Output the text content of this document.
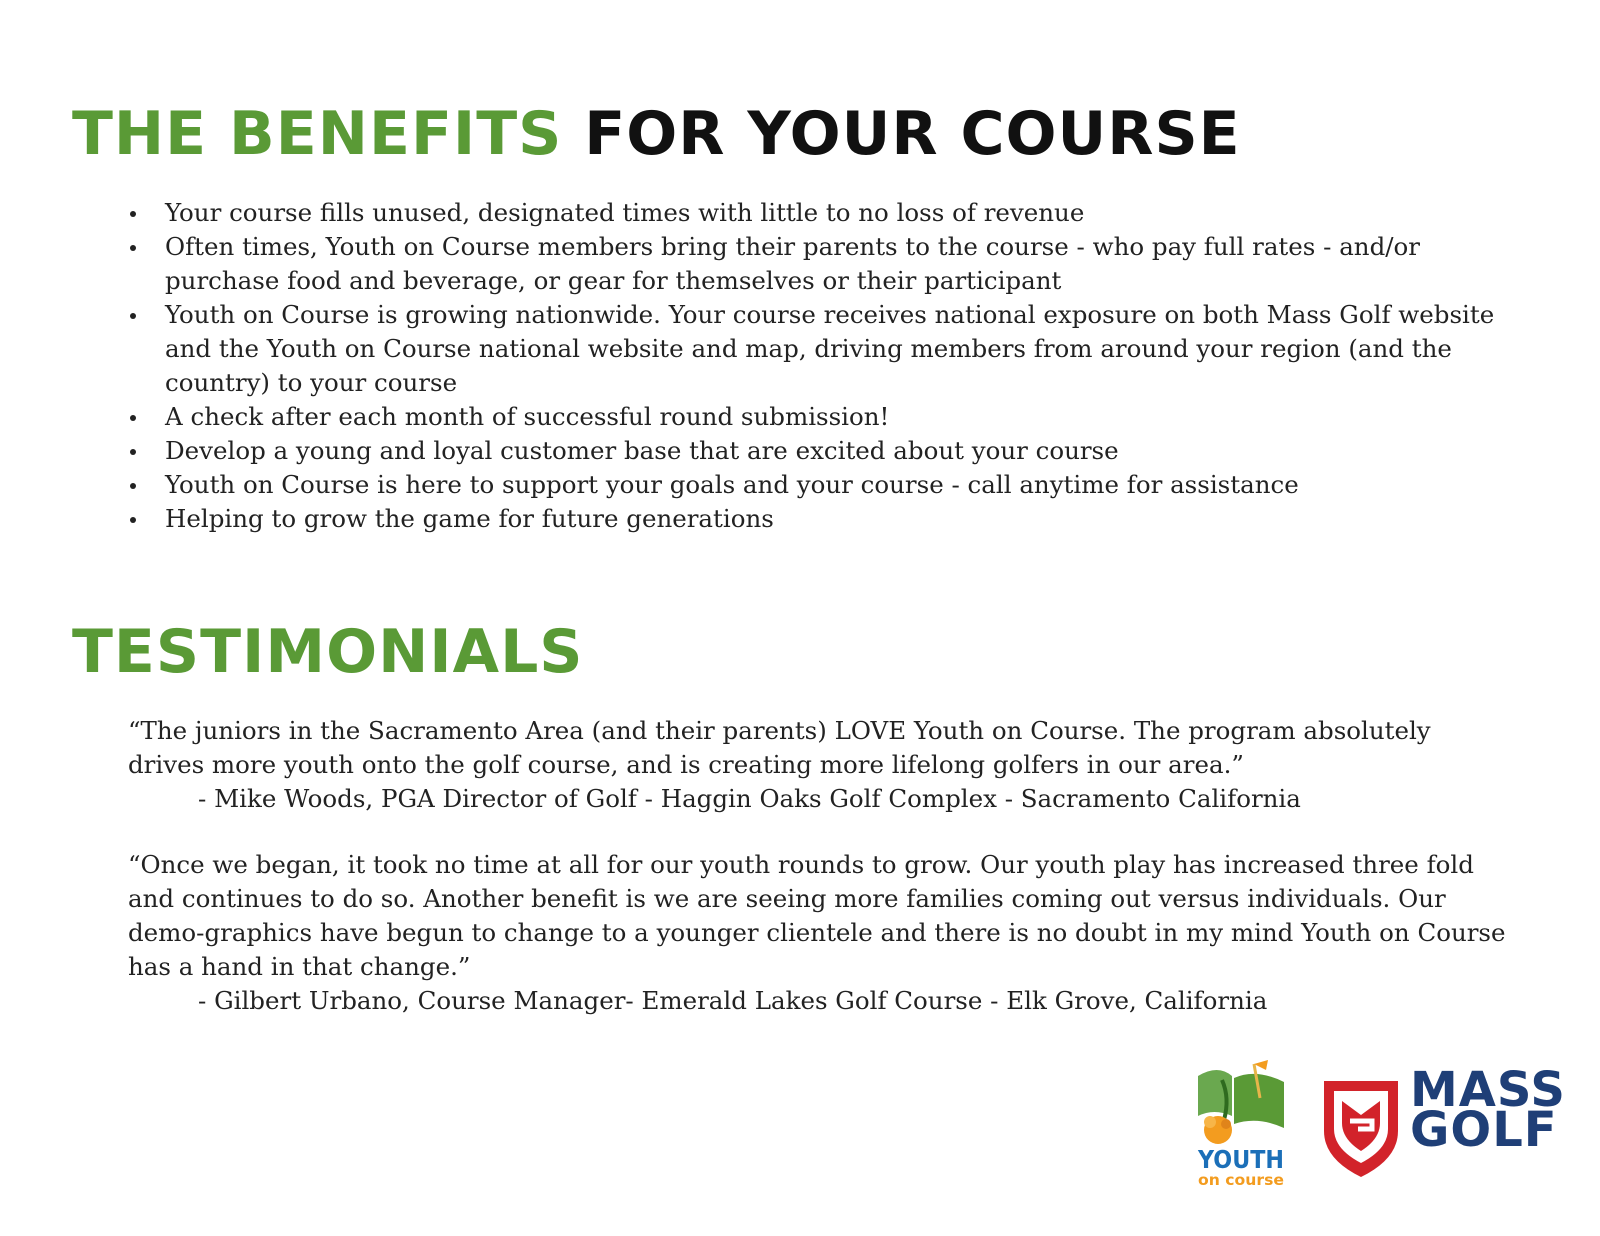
THE BENEFITS FOR YOUR COURSE
Your course fills unused, designated times with little to no loss of revenue
Often times, Youth on Course members bring their parents to the course - who pay full rates - and/or purchase food and beverage, or gear for themselves or their participant
Youth on Course is growing nationwide. Your course receives national exposure on both Mass Golf website and the Youth on Course national website and map, driving members from around your region (and the country) to your course
A check after each month of successful round submission!
Develop a young and loyal customer base that are excited about your course
Youth on Course is here to support your goals and your course - call anytime for assistance
Helping to grow the game for future generations
TESTIMONIALS

“The juniors in the Sacramento Area (and their parents) LOVE Youth on Course. The program absolutely drives more youth onto the golf course, and is creating more lifelong golfers in our area.”
- Mike Woods, PGA Director of Golf - Haggin Oaks Golf Complex - Sacramento California

“Once we began, it took no time at all for our youth rounds to grow. Our youth play has increased three fold and continues to do so. Another benefit is we are seeing more families coming out versus individuals. Our demo-graphics have begun to change to a younger clientele and there is no doubt in my mind Youth on Course has a hand in that change.”
- Gilbert Urbano, Course Manager- Emerald Lakes Golf Course - Elk Grove, California

YOUTH
on course
MASS
GOLF
